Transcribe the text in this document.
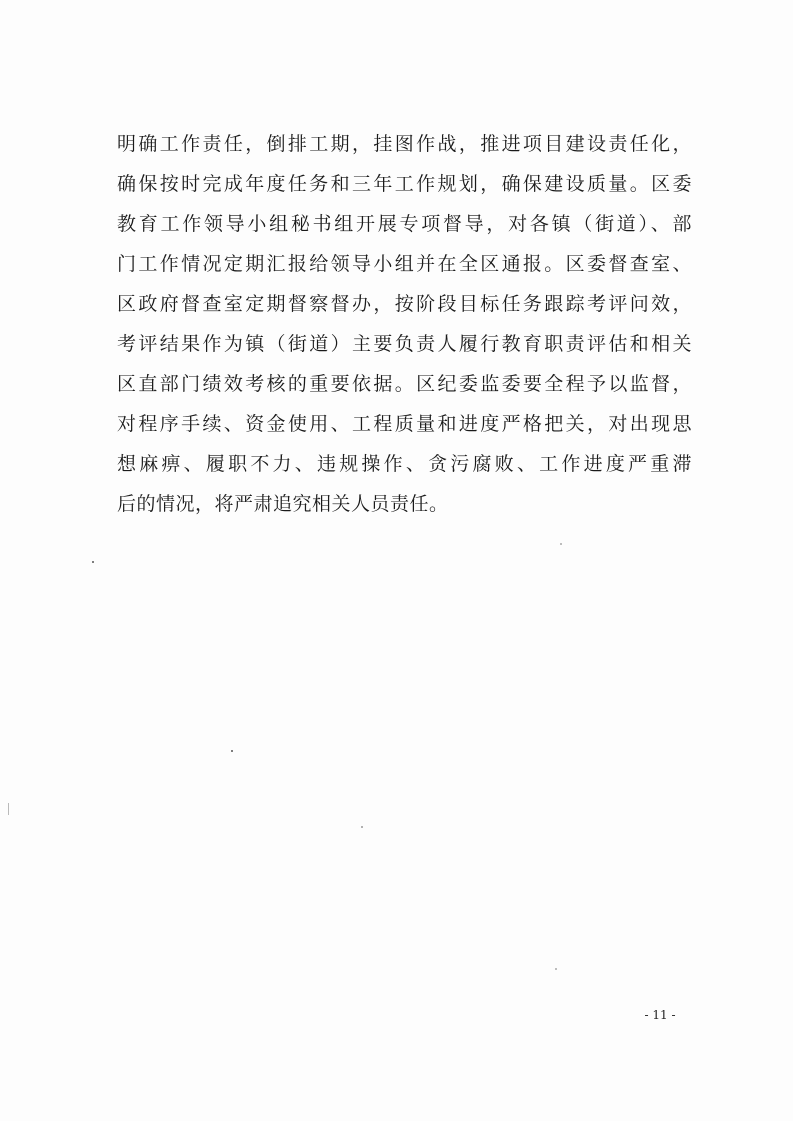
明确工作责任，倒排工期，挂图作战，推进项目建设责任化，
确保按时完成年度任务和三年工作规划，确保建设质量。区委
教育工作领导小组秘书组开展专项督导，对各镇（街道）、部
门工作情况定期汇报给领导小组并在全区通报。区委督查室、
区政府督查室定期督察督办，按阶段目标任务跟踪考评问效，
考评结果作为镇（街道）主要负责人履行教育职责评估和相关
区直部门绩效考核的重要依据。区纪委监委要全程予以监督，
对程序手续、资金使用、工程质量和进度严格把关，对出现思
想麻痹、履职不力、违规操作、贪污腐败、工作进度严重滞
后的情况，将严肃追究相关人员责任。
- 11 -
